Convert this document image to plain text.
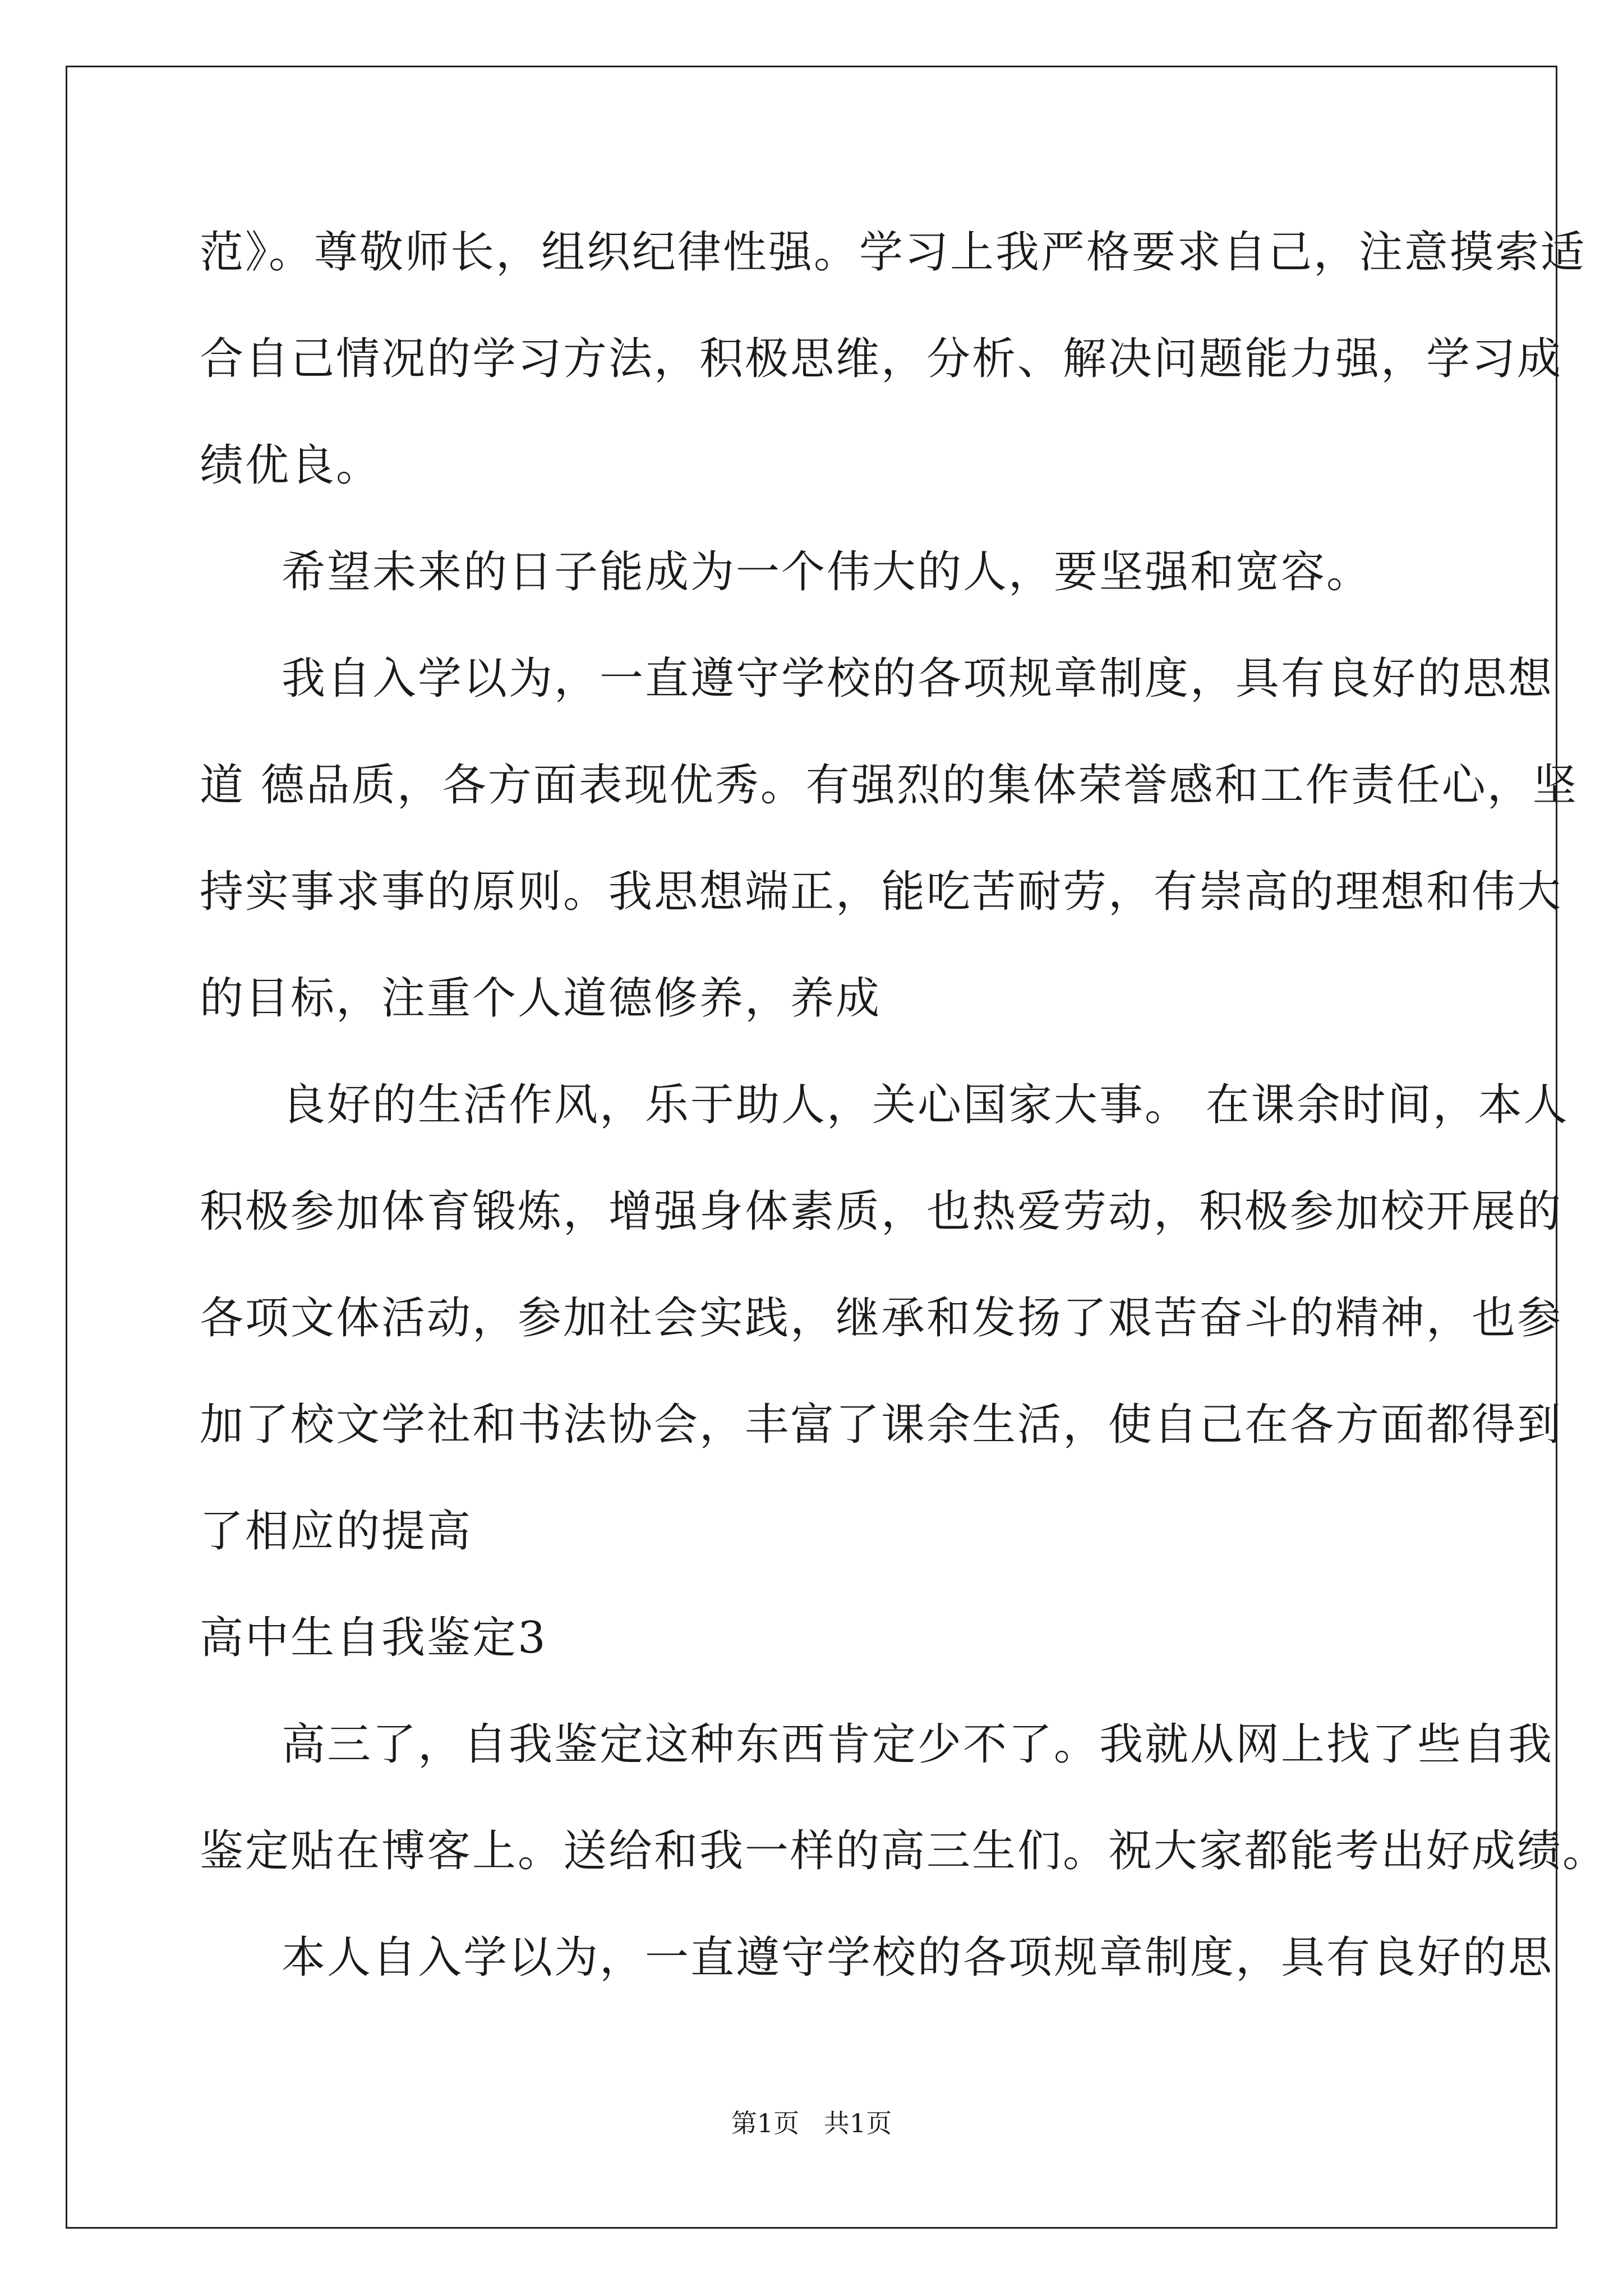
范》。尊敬师长，组织纪律性强。学习上我严格要求自己，注意摸索适
合自己情况的学习方法，积极思维，分析、解决问题能力强，学习成
绩优良。
希望未来的日子能成为一个伟大的人，要坚强和宽容。
我自入学以为，一直遵守学校的各项规章制度，具有良好的思想
道 德品质，各方面表现优秀。有强烈的集体荣誉感和工作责任心，坚
持实事求事的原则。我思想端正，能吃苦耐劳，有崇高的理想和伟大
的目标，注重个人道德修养，养成
良好的生活作风，乐于助人，关心国家大事。 在课余时间，本人
积极参加体育锻炼，增强身体素质，也热爱劳动，积极参加校开展的
各项文体活动，参加社会实践，继承和发扬了艰苦奋斗的精神，也参
加了校文学社和书法协会，丰富了课余生活，使自己在各方面都得到
了相应的提高
高中生自我鉴定3
高三了，自我鉴定这种东西肯定少不了。我就从网上找了些自我
鉴定贴在博客上。送给和我一样的高三生们。祝大家都能考出好成绩。
本人自入学以为，一直遵守学校的各项规章制度，具有良好的思
第1页   共1页
